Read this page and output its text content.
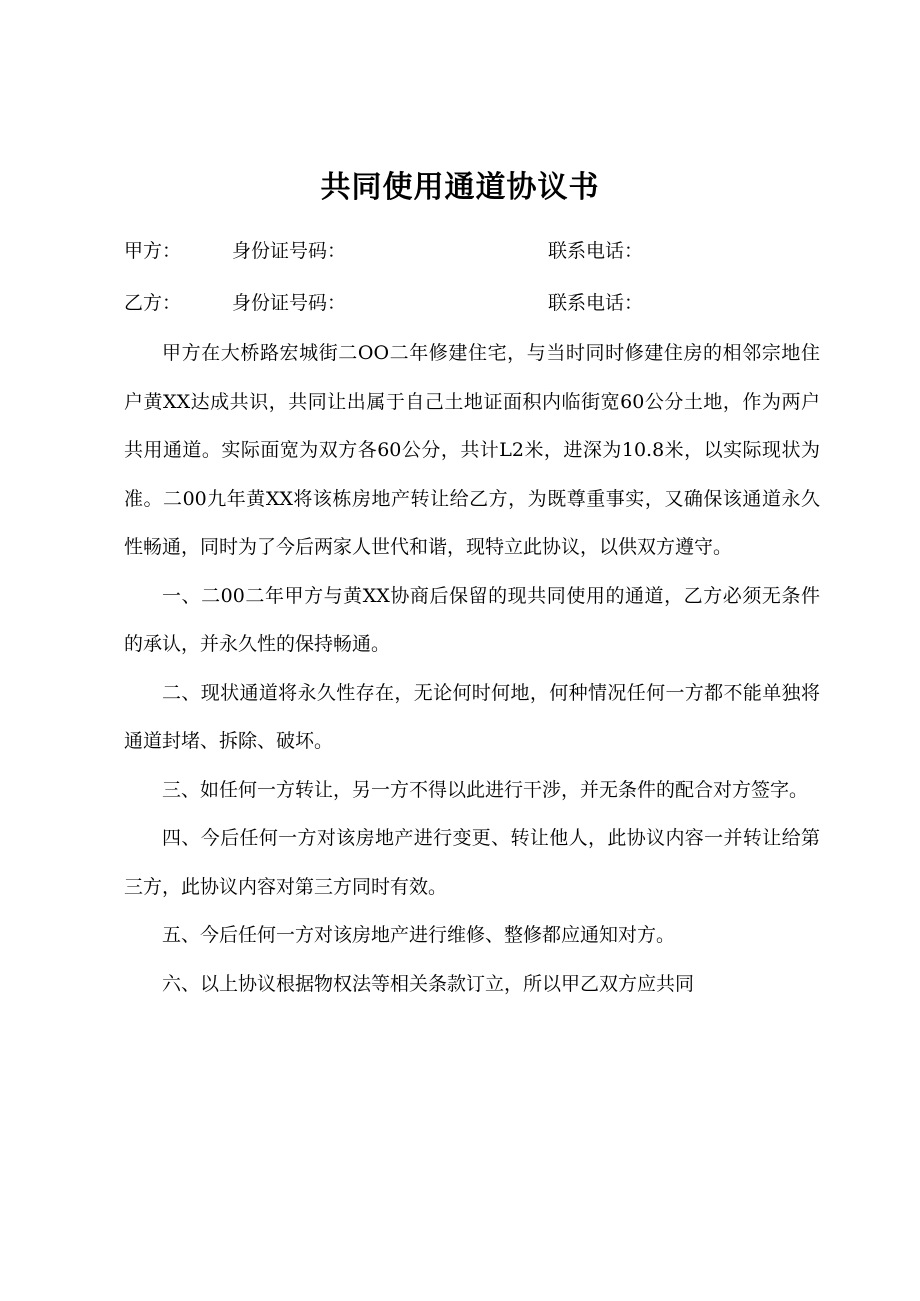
共同使用通道协议书
甲方：	身份证号码：	联系电话：
乙方：	身份证号码：	联系电话：

甲方在大桥路宏城街二OO二年修建住宅，与当时同时修建住房的相邻宗地住户黄XX达成共识，共同让出属于自己土地证面积内临街宽60公分土地，作为两户共用通道。实际面宽为双方各60公分，共计L2米，进深为10.8米，以实际现状为准。二00九年黄XX将该栋房地产转让给乙方，为既尊重事实，又确保该通道永久性畅通，同时为了今后两家人世代和谐，现特立此协议，以供双方遵守。

一、二00二年甲方与黄XX协商后保留的现共同使用的通道，乙方必须无条件的承认，并永久性的保持畅通。

二、现状通道将永久性存在，无论何时何地，何种情况任何一方都不能单独将通道封堵、拆除、破坏。

三、如任何一方转让，另一方不得以此进行干涉，并无条件的配合对方签字。

四、今后任何一方对该房地产进行变更、转让他人，此协议内容一并转让给第三方，此协议内容对第三方同时有效。

五、今后任何一方对该房地产进行维修、整修都应通知对方。

六、以上协议根据物权法等相关条款订立，所以甲乙双方应共同
